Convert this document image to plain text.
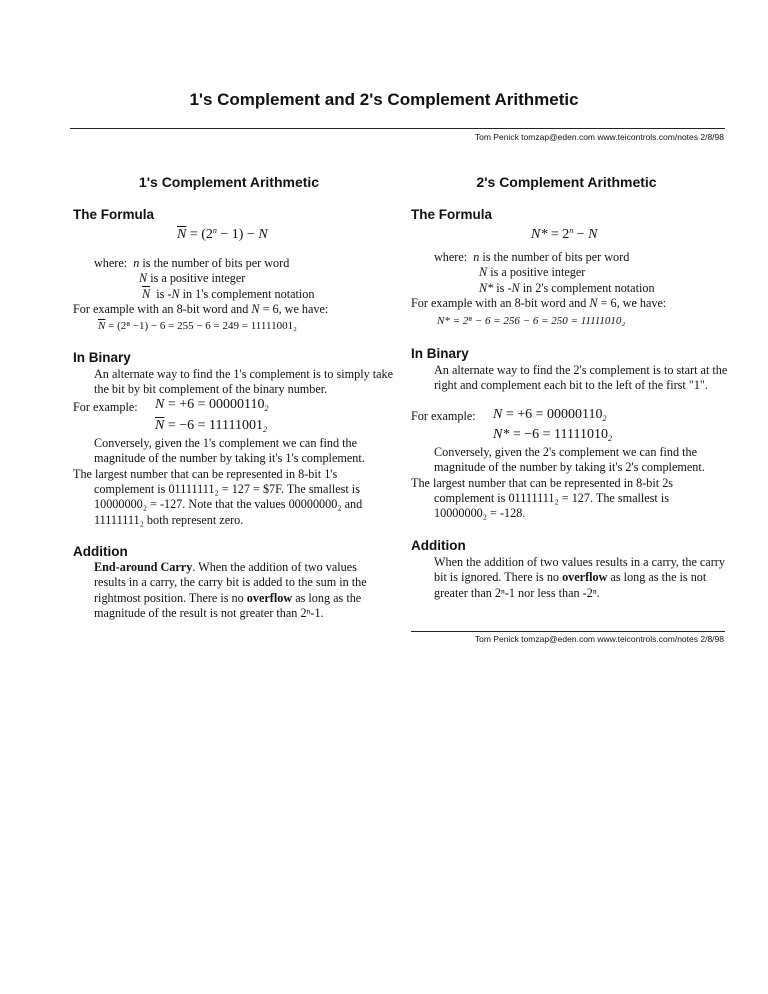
1's Complement and 2's Complement Arithmetic
Tom Penick tomzap@eden.com www.teicontrols.com/notes 2/8/98
1's Complement Arithmetic
The Formula
$\overline{N} = (2^n - 1) - N$
where: n is the number of bits per word
N is a positive integer
$\overline{N}$ is -N in 1's complement notation
For example with an 8-bit word and N = 6, we have:
$\overline{N} = (2^8 -1) - 6 = 255 - 6 = 249 = 11111001_2$
In Binary
An alternate way to find the 1's complement is to simply take the bit by bit complement of the binary number.
For example: $N = +6 = 00000110_2$
$\overline{N} = -6 = 11111001_2$
Conversely, given the 1's complement we can find the magnitude of the number by taking it's 1's complement.
The largest number that can be represented in 8-bit 1's
complement is 01111111₂ = 127 = $7F. The smallest is 10000000₂ = -127. Note that the values 00000000₂ and 11111111₂ both represent zero.
Addition
End-around Carry. When the addition of two values results in a carry, the carry bit is added to the sum in the rightmost position. There is no overflow as long as the magnitude of the result is not greater than 2ⁿ-1.
2's Complement Arithmetic
The Formula
$N* = 2^n - N$
where: n is the number of bits per word
N is a positive integer
N* is -N in 2's complement notation
For example with an 8-bit word and N = 6, we have:
N* = 2⁸ − 6 = 256 − 6 = 250 = 11111010₂
In Binary
An alternate way to find the 2's complement is to start at the right and complement each bit to the left of the first "1".
For example: $N = +6 = 00000110_2$
$N* = -6 = 11111010_2$
Conversely, given the 2's complement we can find the magnitude of the number by taking it's 2's complement.
The largest number that can be represented in 8-bit 2s
complement is 01111111₂ = 127. The smallest is 10000000₂ = -128.
Addition
When the addition of two values results in a carry, the carry bit is ignored. There is no overflow as long as the is not greater than 2ⁿ-1 nor less than -2ⁿ.
Tom Penick tomzap@eden.com www.teicontrols.com/notes 2/8/98
